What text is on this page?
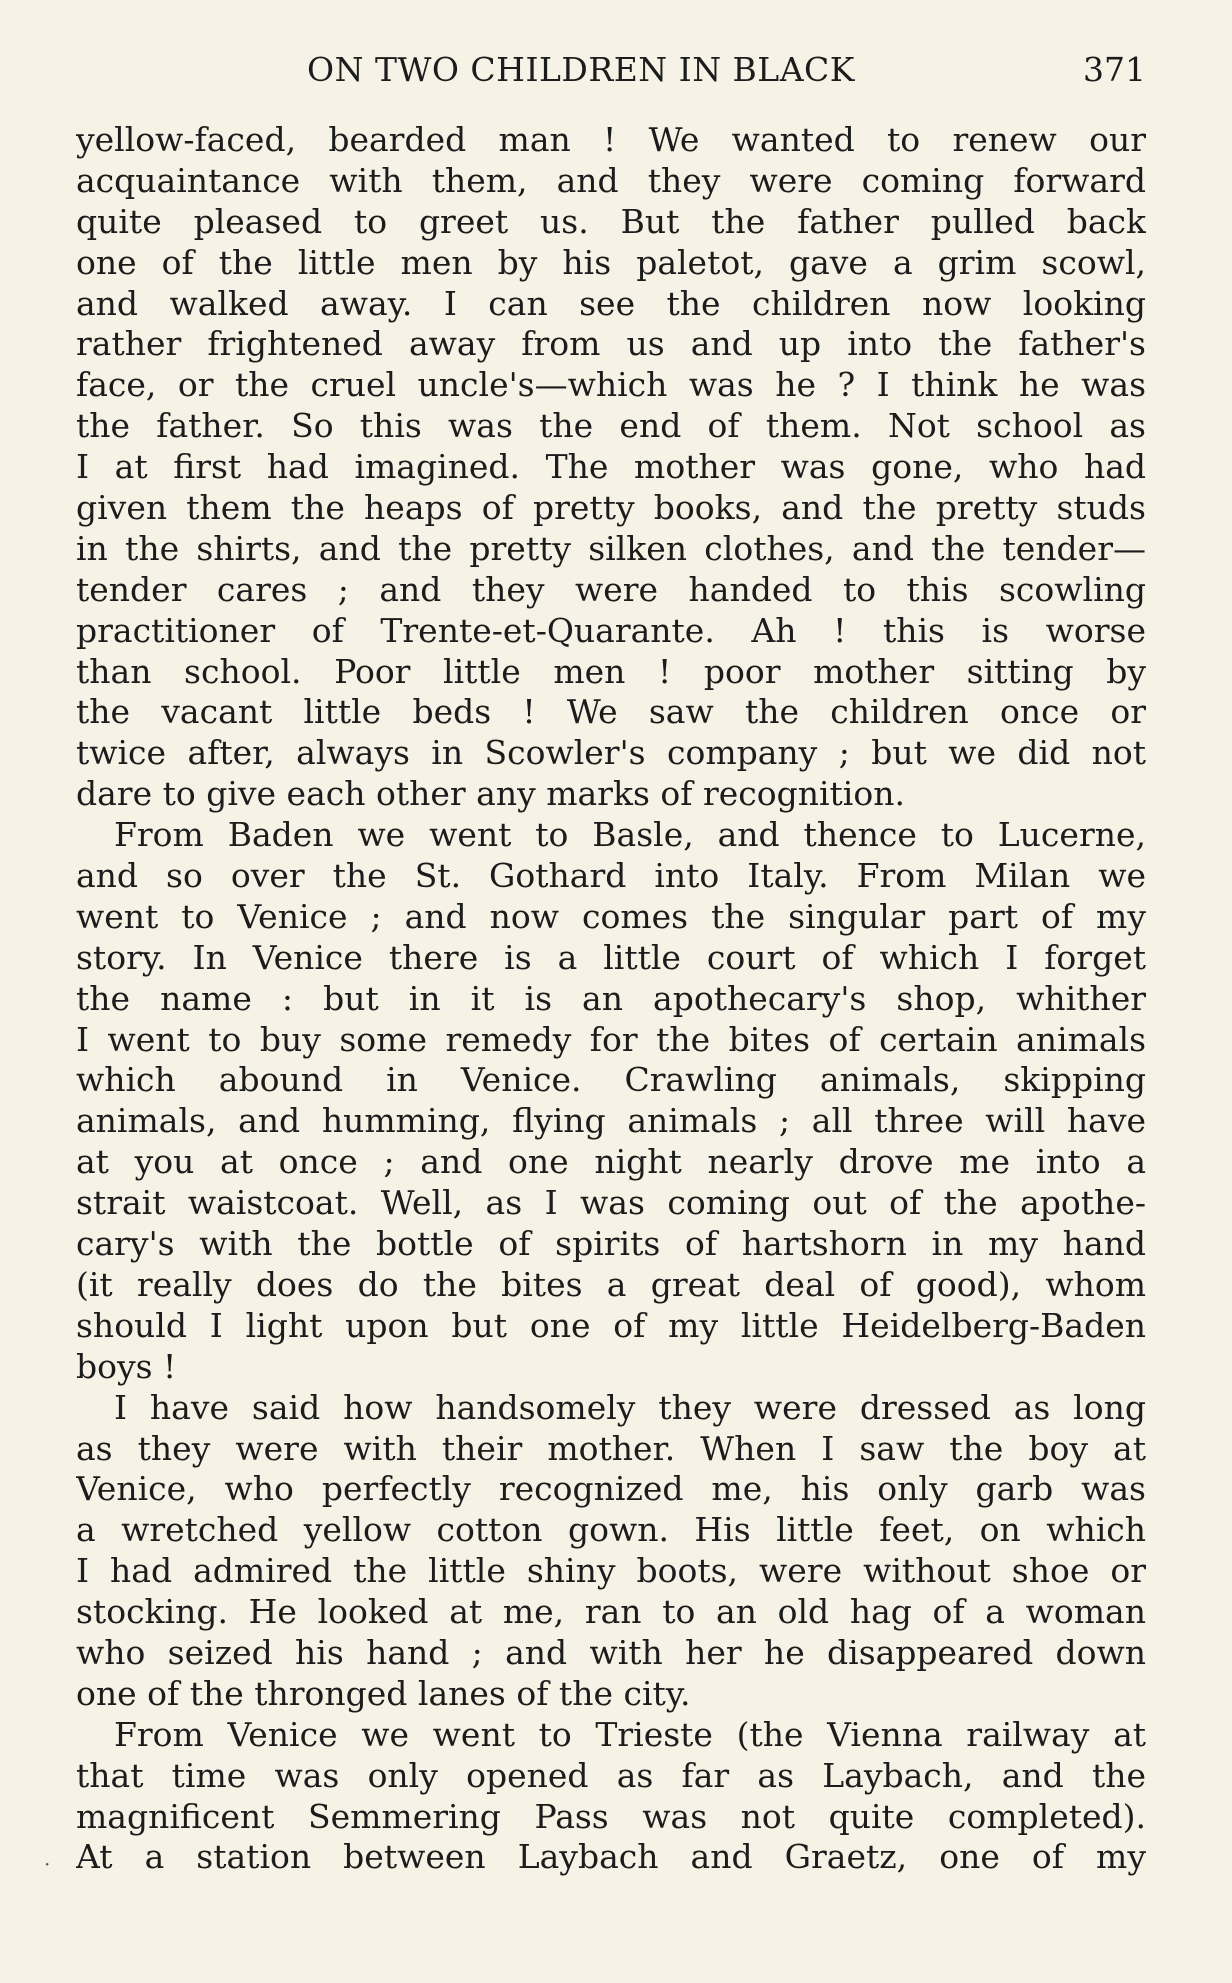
ON TWO CHILDREN IN BLACK	371
yellow-faced, bearded man ! We wanted to renew our
acquaintance with them, and they were coming forward
quite pleased to greet us. But the father pulled back
one of the little men by his paletot, gave a grim scowl,
and walked away. I can see the children now looking
rather frightened away from us and up into the father's
face, or the cruel uncle's—which was he ? I think he was
the father. So this was the end of them. Not school as
I at first had imagined. The mother was gone, who had
given them the heaps of pretty books, and the pretty studs
in the shirts, and the pretty silken clothes, and the tender—
tender cares ; and they were handed to this scowling
practitioner of Trente-et-Quarante. Ah ! this is worse
than school. Poor little men ! poor mother sitting by
the vacant little beds ! We saw the children once or
twice after, always in Scowler's company ; but we did not
dare to give each other any marks of recognition.
From Baden we went to Basle, and thence to Lucerne,
and so over the St. Gothard into Italy. From Milan we
went to Venice ; and now comes the singular part of my
story. In Venice there is a little court of which I forget
the name : but in it is an apothecary's shop, whither
I went to buy some remedy for the bites of certain animals
which abound in Venice. Crawling animals, skipping
animals, and humming, flying animals ; all three will have
at you at once ; and one night nearly drove me into a
strait waistcoat. Well, as I was coming out of the apothe-
cary's with the bottle of spirits of hartshorn in my hand
(it really does do the bites a great deal of good), whom
should I light upon but one of my little Heidelberg-Baden
boys !
I have said how handsomely they were dressed as long
as they were with their mother. When I saw the boy at
Venice, who perfectly recognized me, his only garb was
a wretched yellow cotton gown. His little feet, on which
I had admired the little shiny boots, were without shoe or
stocking. He looked at me, ran to an old hag of a woman
who seized his hand ; and with her he disappeared down
one of the thronged lanes of the city.
From Venice we went to Trieste (the Vienna railway at
that time was only opened as far as Laybach, and the
magnificent Semmering Pass was not quite completed).
At a station between Laybach and Graetz, one of my
·
